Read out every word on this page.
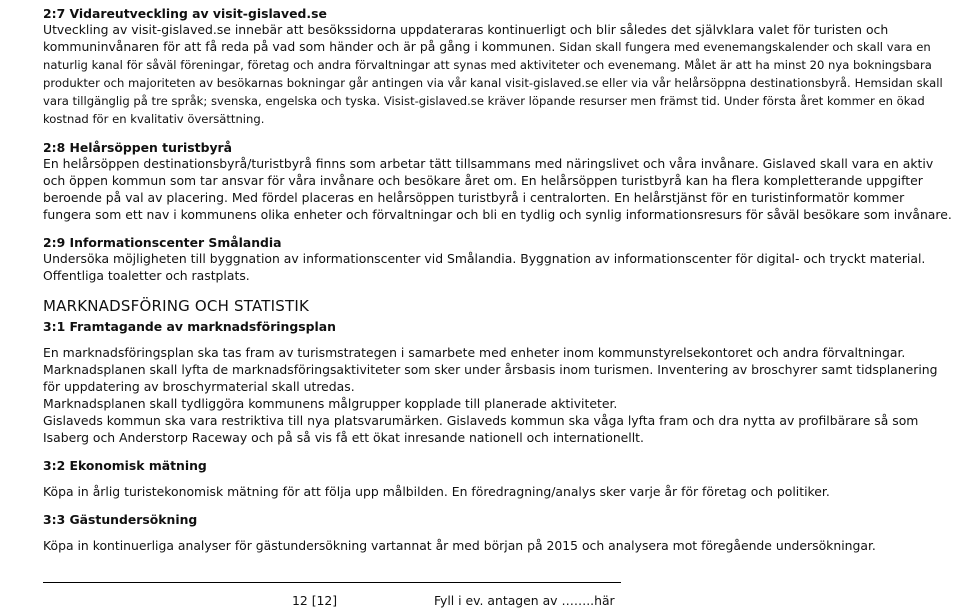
2:7 Vidareutveckling av visit-gislaved.se

Utveckling av visit-gislaved.se innebär att besökssidorna uppdateraras kontinuerligt och blir således det självklara valet för turisten och kommuninvånaren för att få reda på vad som händer och är på gång i kommunen. Sidan skall fungera med evenemangskalender och skall vara en naturlig kanal för såväl föreningar, företag och andra förvaltningar att synas med aktiviteter och evenemang. Målet är att ha minst 20 nya bokningsbara produkter och majoriteten av besökarnas bokningar går antingen via vår kanal visit-gislaved.se eller via vår helårsöppna destinationsbyrå. Hemsidan skall vara tillgänglig på tre språk; svenska, engelska och tyska. Visist-gislaved.se kräver löpande resurser men främst tid. Under första året kommer en ökad kostnad för en kvalitativ översättning.

2:8 Helårsöppen turistbyrå

En helårsöppen destinationsbyrå/turistbyrå finns som arbetar tätt tillsammans med näringslivet och våra invånare. Gislaved skall vara en aktiv och öppen kommun som tar ansvar för våra invånare och besökare året om. En helårsöppen turistbyrå kan ha flera kompletterande uppgifter beroende på val av placering. Med fördel placeras en helårsöppen turistbyrå i centralorten. En helårstjänst för en turistinformatör kommer fungera som ett nav i kommunens olika enheter och förvaltningar och bli en tydlig och synlig informationsresurs för såväl besökare som invånare.

2:9 Informationscenter Smålandia

Undersöka möjligheten till byggnation av informationscenter vid Smålandia. Byggnation av informationscenter för digital- och tryckt material. Offentliga toaletter och rastplats.

MARKNADSFÖRING OCH STATISTIK
3:1 Framtagande av marknadsföringsplan

En marknadsföringsplan ska tas fram av turismstrategen i samarbete med enheter inom kommunstyrelsekontoret och andra förvaltningar. Marknadsplanen skall lyfta de marknadsföringsaktiviteter som sker under årsbasis inom turismen. Inventering av broschyrer samt tidsplanering för uppdatering av broschyrmaterial skall utredas.

Marknadsplanen skall tydliggöra kommunens målgrupper kopplade till planerade aktiviteter.

Gislaveds kommun ska vara restriktiva till nya platsvarumärken. Gislaveds kommun ska våga lyfta fram och dra nytta av profilbärare så som Isaberg och Anderstorp Raceway och på så vis få ett ökat inresande nationell och internationellt.

3:2 Ekonomisk mätning

Köpa in årlig turistekonomisk mätning för att följa upp målbilden. En föredragning/analys sker varje år för företag och politiker.

3:3 Gästundersökning

Köpa in kontinuerliga analyser för gästundersökning vartannat år med början på 2015 och analysera mot föregående undersökningar.

12 [12]	Fyll i ev. antagen av ……..här
